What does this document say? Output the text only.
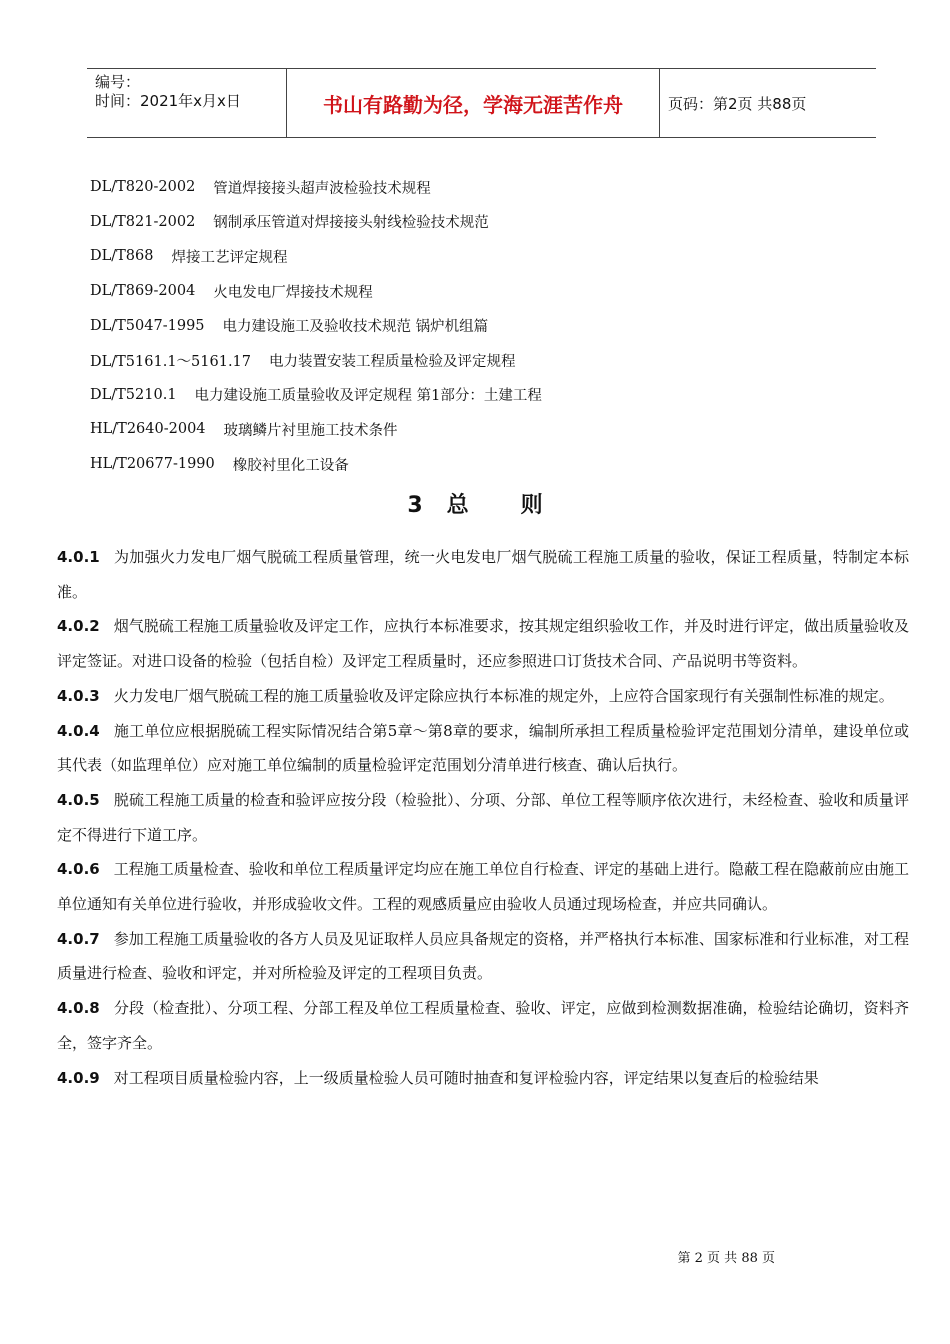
编号：
时间：2021年x月x日	书山有路勤为径，学海无涯苦作舟	页码：第2页 共88页
DL/T820-2002 管道焊接接头超声波检验技术规程
DL/T821-2002 钢制承压管道对焊接接头射线检验技术规范
DL/T868 焊接工艺评定规程
DL/T869-2004 火电发电厂焊接技术规程
DL/T5047-1995 电力建设施工及验收技术规范 锅炉机组篇
DL/T5161.1～5161.17 电力装置安装工程质量检验及评定规程
DL/T5210.1 电力建设施工质量验收及评定规程 第1部分：土建工程
HL/T2640-2004 玻璃鳞片衬里施工技术条件
HL/T20677-1990 橡胶衬里化工设备
3 总 则
4.0.1 为加强火力发电厂烟气脱硫工程质量管理，统一火电发电厂烟气脱硫工程施工质量的验收，保证工程质量，特制定本标准。
4.0.2 烟气脱硫工程施工质量验收及评定工作，应执行本标准要求，按其规定组织验收工作，并及时进行评定，做出质量验收及评定签证。对进口设备的检验（包括自检）及评定工程质量时，还应参照进口订货技术合同、产品说明书等资料。
4.0.3 火力发电厂烟气脱硫工程的施工质量验收及评定除应执行本标准的规定外，上应符合国家现行有关强制性标准的规定。
4.0.4 施工单位应根据脱硫工程实际情况结合第5章～第8章的要求，编制所承担工程质量检验评定范围划分清单，建设单位或其代表（如监理单位）应对施工单位编制的质量检验评定范围划分清单进行核查、确认后执行。
4.0.5 脱硫工程施工质量的检查和验评应按分段（检验批）、分项、分部、单位工程等顺序依次进行，未经检查、验收和质量评定不得进行下道工序。
4.0.6 工程施工质量检查、验收和单位工程质量评定均应在施工单位自行检查、评定的基础上进行。隐蔽工程在隐蔽前应由施工单位通知有关单位进行验收，并形成验收文件。工程的观感质量应由验收人员通过现场检查，并应共同确认。
4.0.7 参加工程施工质量验收的各方人员及见证取样人员应具备规定的资格，并严格执行本标准、国家标准和行业标准，对工程质量进行检查、验收和评定，并对所检验及评定的工程项目负责。
4.0.8 分段（检查批）、分项工程、分部工程及单位工程质量检查、验收、评定，应做到检测数据准确，检验结论确切，资料齐全，签字齐全。
4.0.9 对工程项目质量检验内容，上一级质量检验人员可随时抽查和复评检验内容，评定结果以复查后的检验结果
第 2 页 共 88 页
